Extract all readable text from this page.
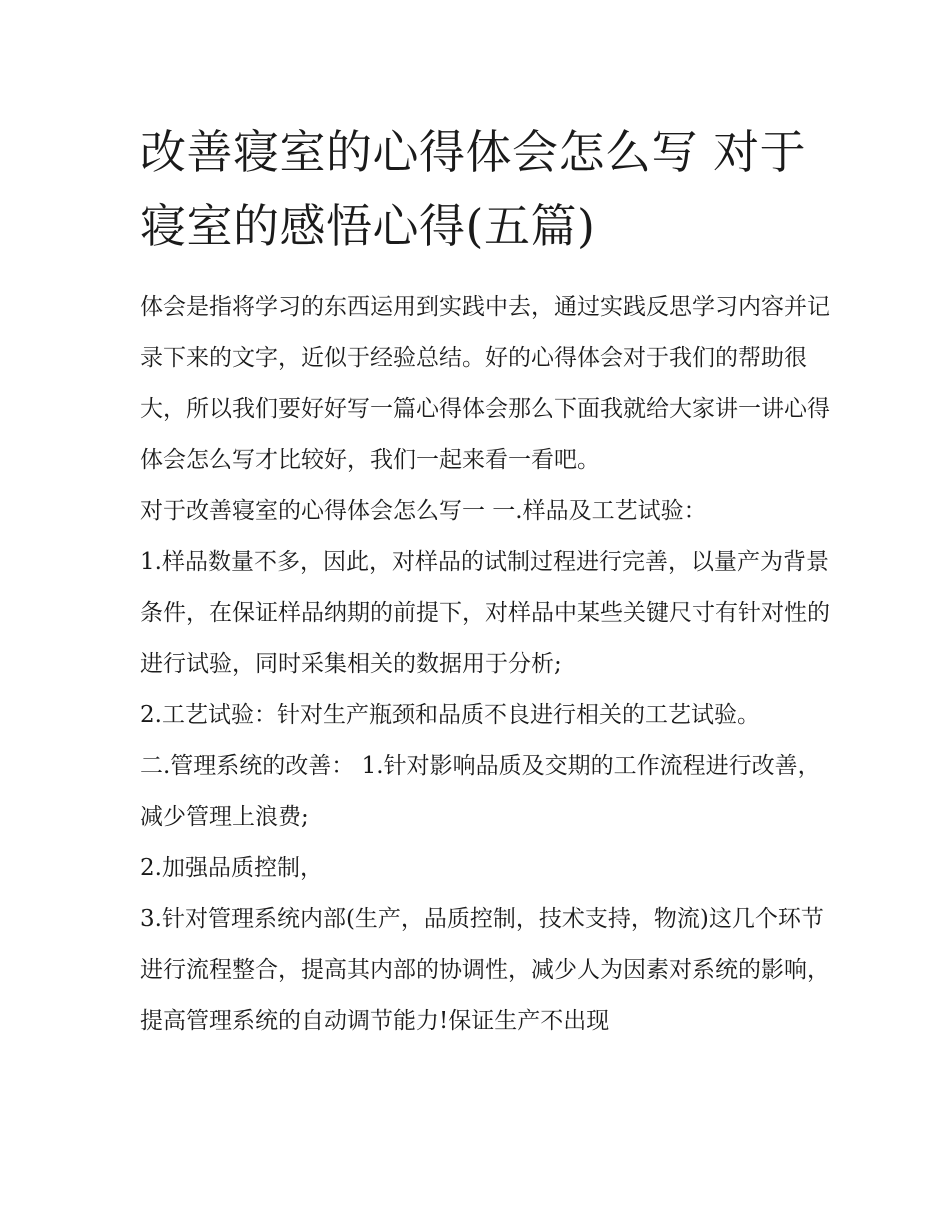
改善寝室的心得体会怎么写 对于寝室的感悟心得(五篇)

体会是指将学习的东西运用到实践中去，通过实践反思学习内容并记录下来的文字，近似于经验总结。好的心得体会对于我们的帮助很大，所以我们要好好写一篇心得体会那么下面我就给大家讲一讲心得体会怎么写才比较好，我们一起来看一看吧。

对于改善寝室的心得体会怎么写一 一.样品及工艺试验：

1.样品数量不多，因此，对样品的试制过程进行完善，以量产为背景条件，在保证样品纳期的前提下，对样品中某些关键尺寸有针对性的进行试验，同时采集相关的数据用于分析;

2.工艺试验：针对生产瓶颈和品质不良进行相关的工艺试验。

二.管理系统的改善： 1.针对影响品质及交期的工作流程进行改善，减少管理上浪费;

2.加强品质控制，

3.针对管理系统内部(生产，品质控制，技术支持，物流)这几个环节进行流程整合，提高其内部的协调性，减少人为因素对系统的影响，提高管理系统的自动调节能力!保证生产不出现
